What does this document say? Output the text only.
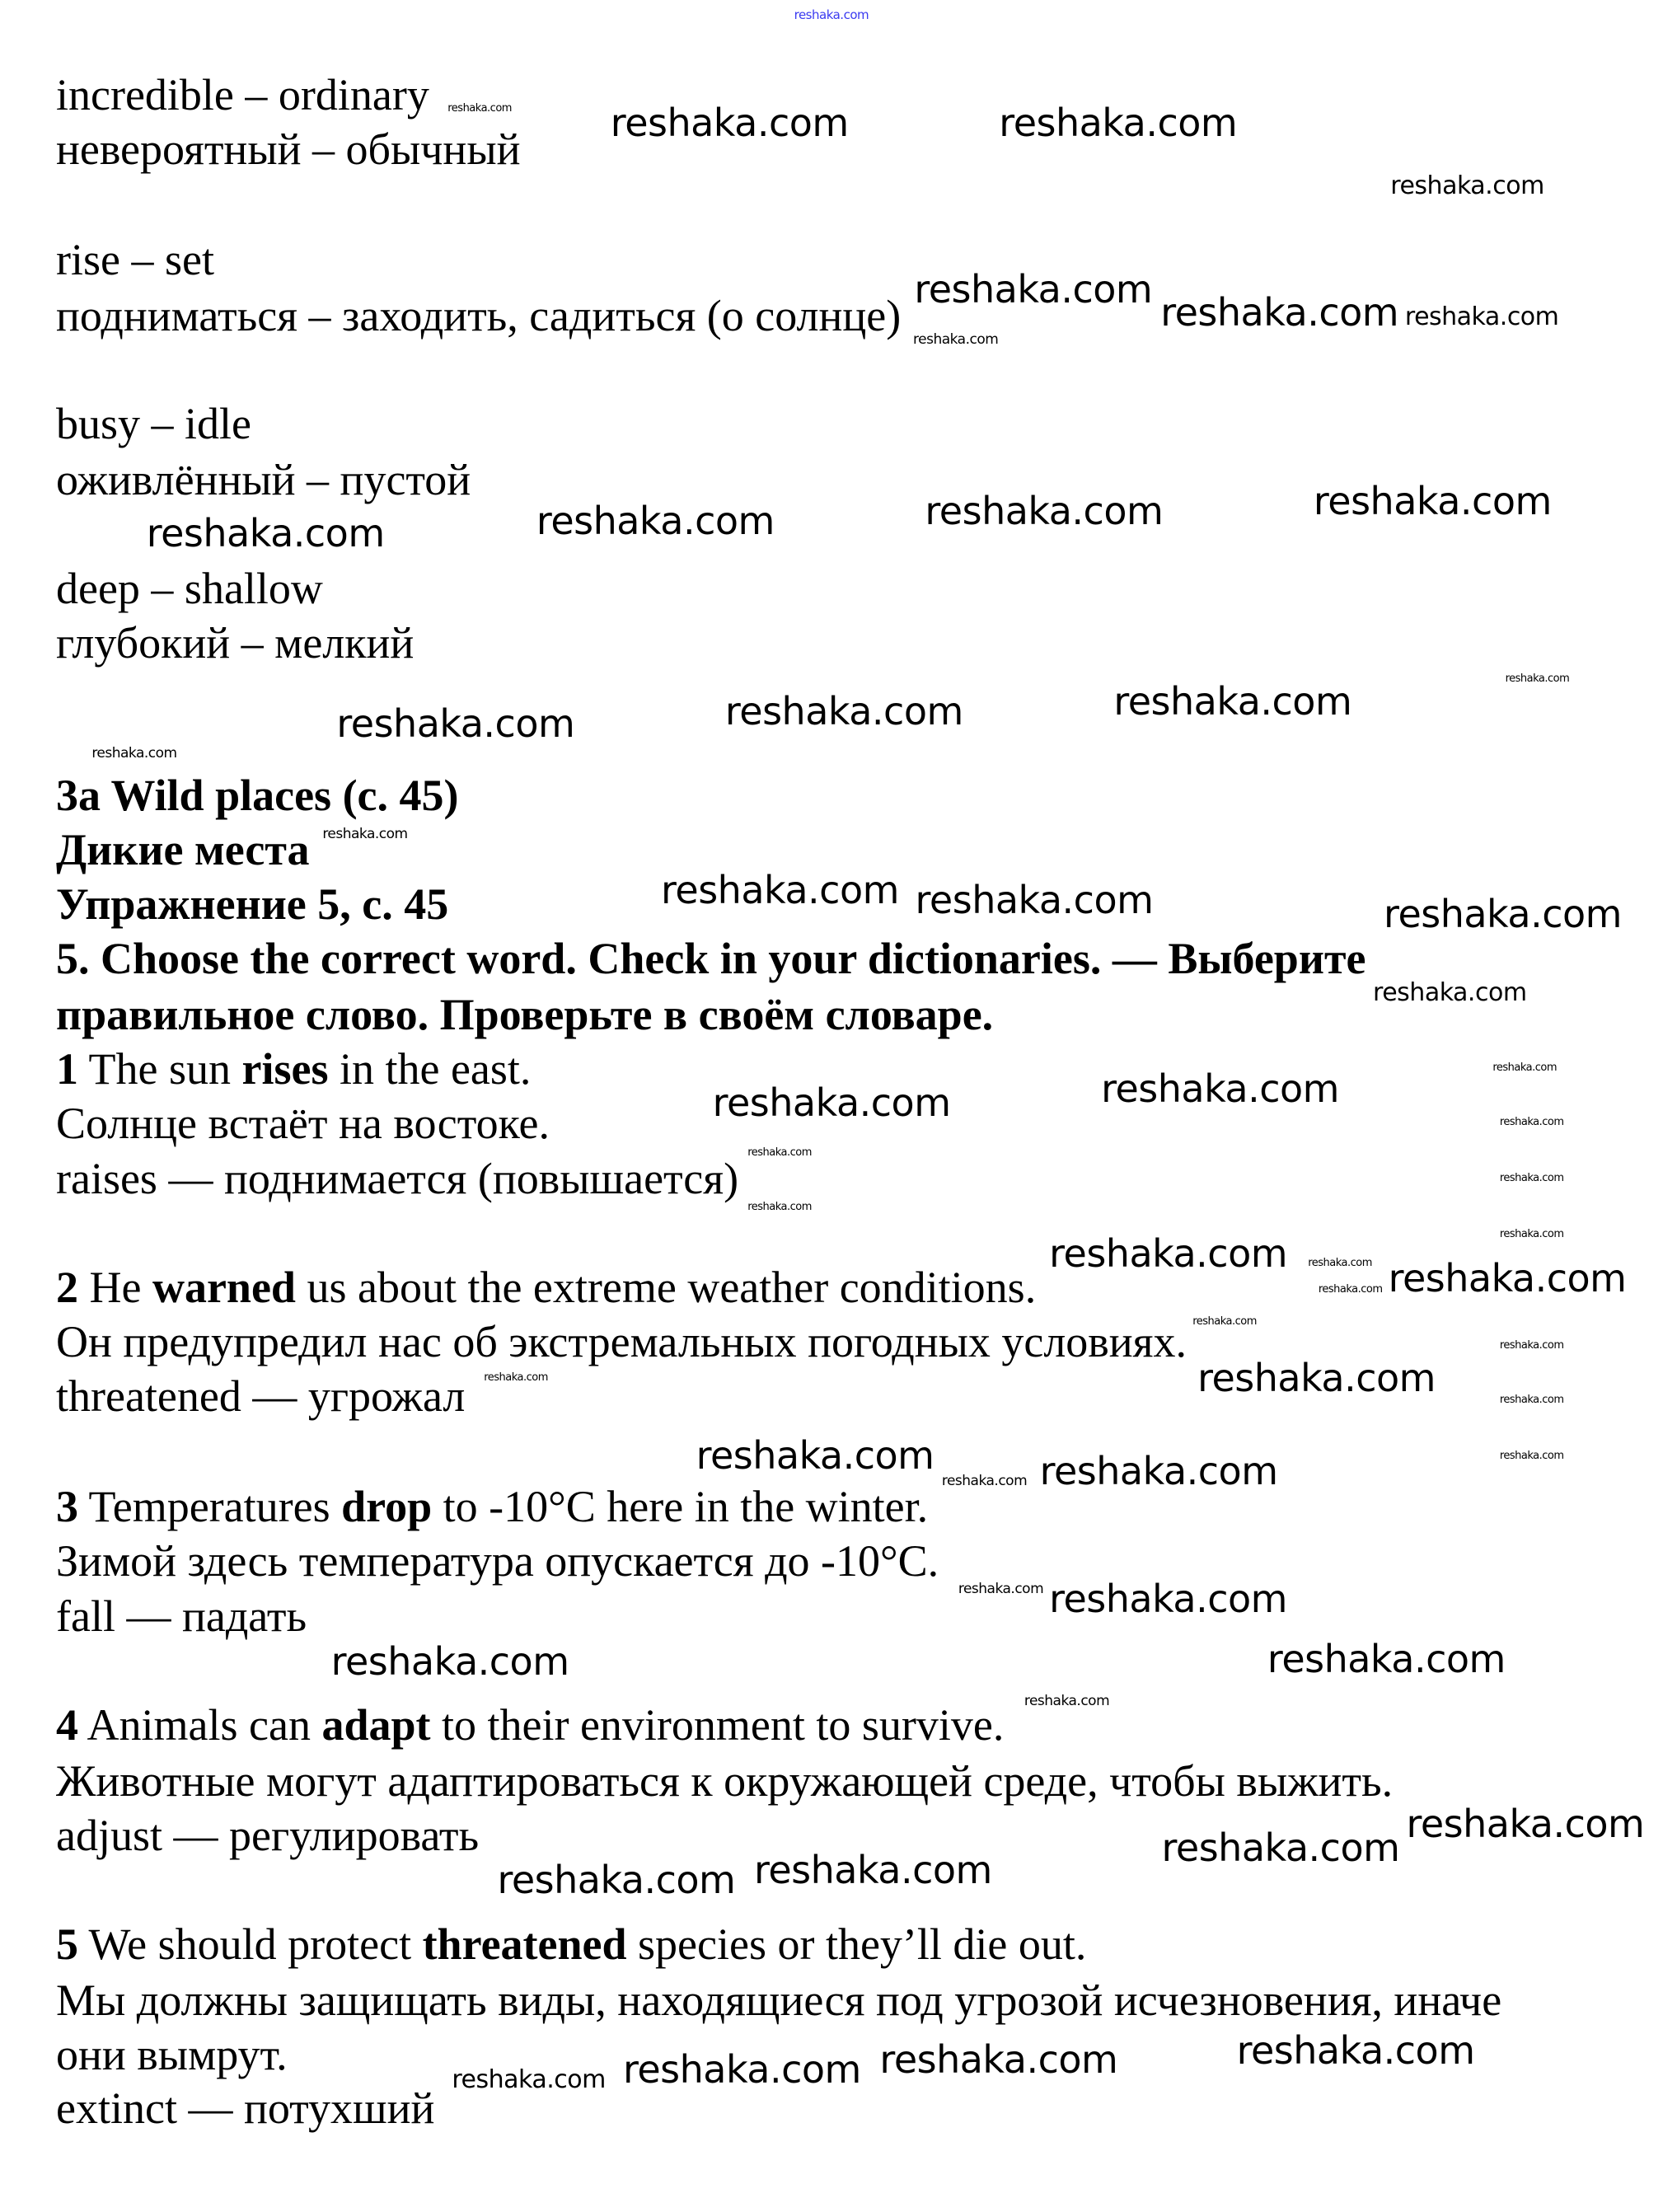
incredible – ordinary
невероятный – обычный
rise – set
подниматься – заходить, садиться (о солнце)
busy – idle
оживлённый – пустой
deep – shallow
глубокий – мелкий
3a Wild places (c. 45)
Дикие места
Упражнение 5, с. 45
5. Choose the correct word. Check in your dictionaries. — Выберите
правильное слово. Проверьте в своём словаре.
1 The sun rises in the east.
Солнце встаёт на востоке.
raises — поднимается (повышается)
2 He warned us about the extreme weather conditions.
Он предупредил нас об экстремальных погодных условиях.
threatened — угрожал
3 Temperatures drop to -10°C here in the winter.
Зимой здесь температура опускается до -10°C.
fall — падать
4 Animals can adapt to their environment to survive.
Животные могут адаптироваться к окружающей среде, чтобы выжить.
adjust — регулировать
5 We should protect threatened species or they’ll die out.
Мы должны защищать виды, находящиеся под угрозой исчезновения, иначе
они вымрут.
extinct — потухший
reshaka.com
reshaka.com	reshaka.com	reshaka.com
reshaka.com
reshaka.com
reshaka.com reshaka.com
reshaka.com
reshaka.com	reshaka.com	reshaka.com	reshaka.com
reshaka.com
reshaka.com
reshaka.com	reshaka.com	reshaka.com
reshaka.com
reshaka.com
reshaka.com
reshaka.com
reshaka.com
reshaka.com	reshaka.com	reshaka.com
reshaka.com
reshaka.com
reshaka.com
reshaka.com
reshaka.com
reshaka.com reshaka.com reshaka.com
reshaka.com
reshaka.com
reshaka.com
reshaka.com
reshaka.com
reshaka.com
reshaka.com
reshaka.com reshaka.com
reshaka.com
reshaka.com reshaka.com
reshaka.com	reshaka.com
reshaka.com
reshaka.com
reshaka.com
reshaka.com reshaka.com
reshaka.com
reshaka.com reshaka.com reshaka.com
